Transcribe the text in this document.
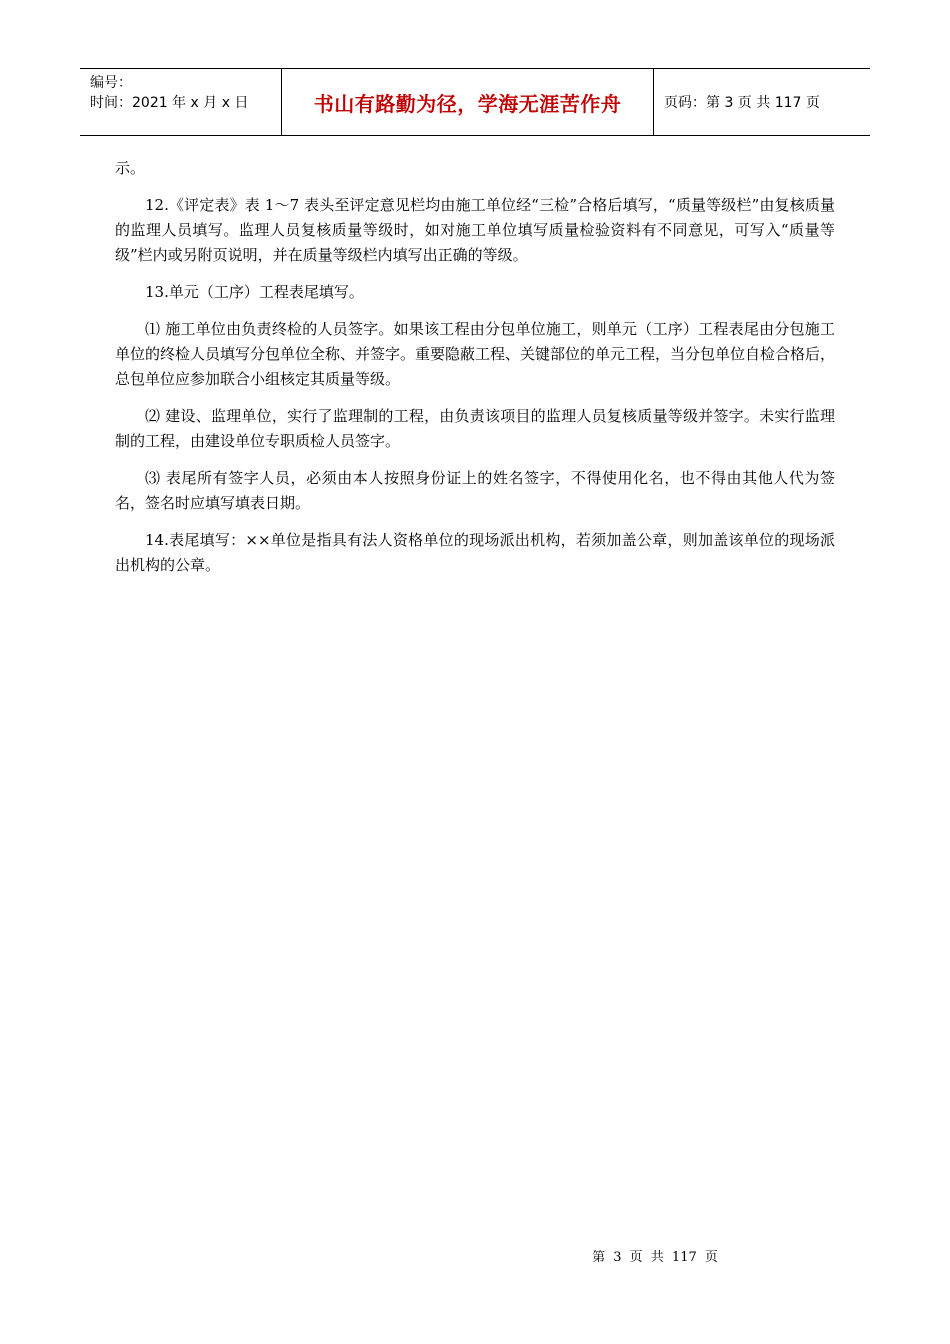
编号：
时间：2021 年 x 月 x 日	书山有路勤为径，学海无涯苦作舟	页码：第 3 页 共 117 页

示。

12.《评定表》表 1～7 表头至评定意见栏均由施工单位经“三检”合格后填写，“质量等级栏”由复核质量的监理人员填写。监理人员复核质量等级时，如对施工单位填写质量检验资料有不同意见，可写入“质量等级”栏内或另附页说明，并在质量等级栏内填写出正确的等级。

13.单元（工序）工程表尾填写。

⑴ 施工单位由负责终检的人员签字。如果该工程由分包单位施工，则单元（工序）工程表尾由分包施工单位的终检人员填写分包单位全称、并签字。重要隐蔽工程、关键部位的单元工程，当分包单位自检合格后，总包单位应参加联合小组核定其质量等级。

⑵ 建设、监理单位，实行了监理制的工程，由负责该项目的监理人员复核质量等级并签字。未实行监理制的工程，由建设单位专职质检人员签字。

⑶ 表尾所有签字人员，必须由本人按照身份证上的姓名签字，不得使用化名，也不得由其他人代为签名，签名时应填写填表日期。

14.表尾填写：××单位是指具有法人资格单位的现场派出机构，若须加盖公章，则加盖该单位的现场派出机构的公章。

第 3 页 共 117 页
